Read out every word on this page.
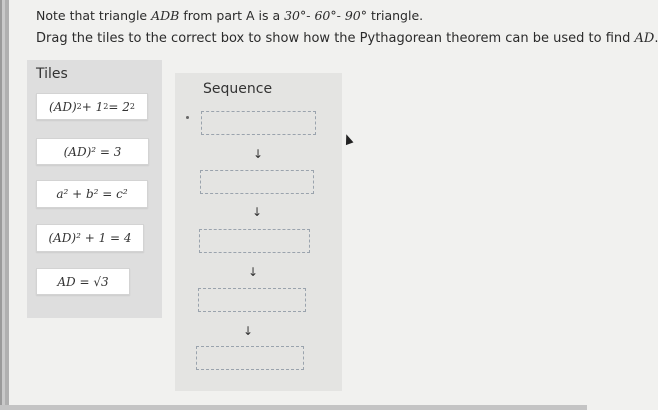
Note that triangle ADB from part A is a 30°- 60°- 90° triangle.
Drag the tiles to the correct box to show how the Pythagorean theorem can be used to find AD
Tiles
(AD) 2 + 1 2 = 2 2
(AD)² = 3
a² + b² = c²
(AD)² + 1 = 4
AD = √3
Sequence
↓
↓
↓
↓
